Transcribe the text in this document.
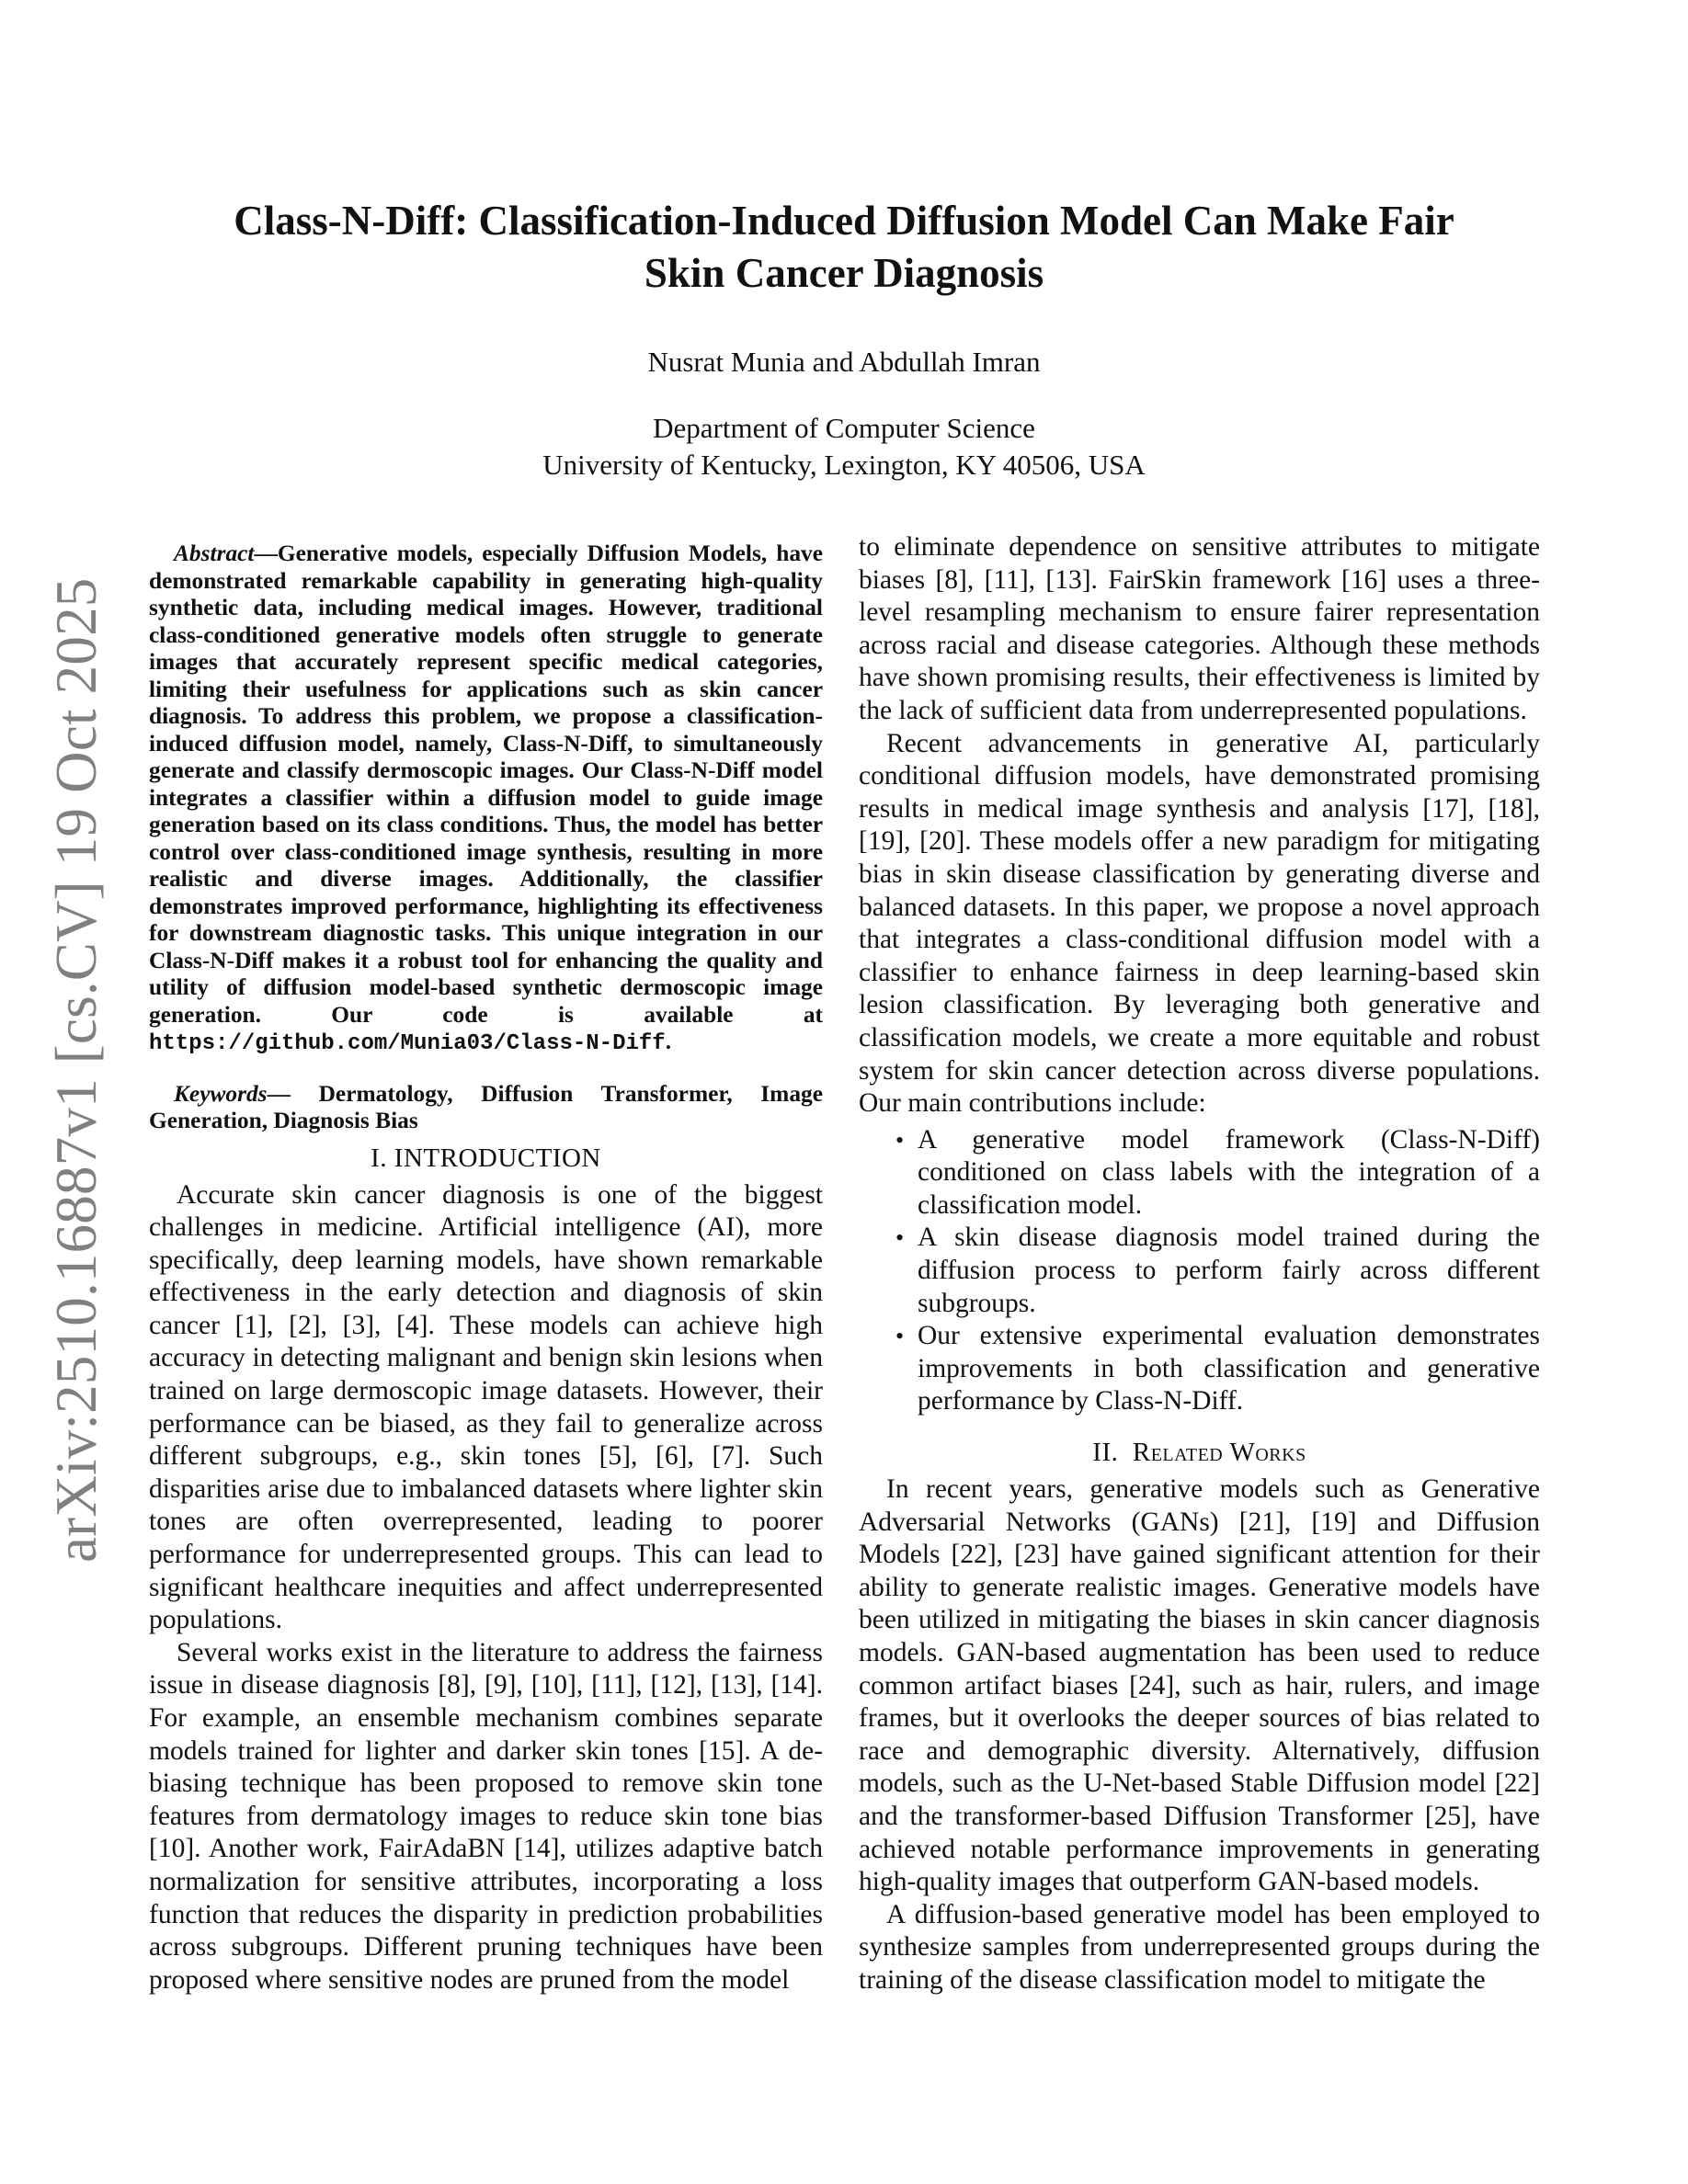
arXiv:2510.16887v1 [cs.CV] 19 Oct 2025
Class-N-Diff: Classification-Induced Diffusion Model Can Make Fair
Skin Cancer Diagnosis
Nusrat Munia and Abdullah Imran
Department of Computer Science
University of Kentucky, Lexington, KY 40506, USA

Abstract—Generative models, especially Diffusion Models, have demonstrated remarkable capability in generating high-quality synthetic data, including medical images. However, traditional class-conditioned generative models often struggle to generate images that accurately represent specific medical categories, limiting their usefulness for applications such as skin cancer diagnosis. To address this problem, we propose a classification-induced diffusion model, namely, Class-N-Diff, to simultaneously generate and classify dermoscopic images. Our Class-N-Diff model integrates a classifier within a diffusion model to guide image generation based on its class conditions. Thus, the model has better control over class-conditioned image synthesis, resulting in more realistic and diverse images. Additionally, the classifier demonstrates improved performance, highlighting its effectiveness for downstream diagnostic tasks. This unique integration in our Class-N-Diff makes it a robust tool for enhancing the quality and utility of diffusion model-based synthetic dermoscopic image generation. Our code is available at https://github.com/Munia03/Class-N-Diff.

Keywords— Dermatology, Diffusion Transformer, Image Generation, Diagnosis Bias

I. INTRODUCTION

Accurate skin cancer diagnosis is one of the biggest challenges in medicine. Artificial intelligence (AI), more specifically, deep learning models, have shown remarkable effectiveness in the early detection and diagnosis of skin cancer [1], [2], [3], [4]. These models can achieve high accuracy in detecting malignant and benign skin lesions when trained on large dermoscopic image datasets. However, their performance can be biased, as they fail to generalize across different subgroups, e.g., skin tones [5], [6], [7]. Such disparities arise due to imbalanced datasets where lighter skin tones are often overrepresented, leading to poorer performance for underrepresented groups. This can lead to significant healthcare inequities and affect underrepresented populations.

Several works exist in the literature to address the fairness issue in disease diagnosis [8], [9], [10], [11], [12], [13], [14]. For example, an ensemble mechanism combines separate models trained for lighter and darker skin tones [15]. A de-biasing technique has been proposed to remove skin tone features from dermatology images to reduce skin tone bias [10]. Another work, FairAdaBN [14], utilizes adaptive batch normalization for sensitive attributes, incorporating a loss function that reduces the disparity in prediction probabilities across subgroups. Different pruning techniques have been proposed where sensitive nodes are pruned from the model

to eliminate dependence on sensitive attributes to mitigate biases [8], [11], [13]. FairSkin framework [16] uses a three-level resampling mechanism to ensure fairer representation across racial and disease categories. Although these methods have shown promising results, their effectiveness is limited by the lack of sufficient data from underrepresented populations.

Recent advancements in generative AI, particularly conditional diffusion models, have demonstrated promising results in medical image synthesis and analysis [17], [18], [19], [20]. These models offer a new paradigm for mitigating bias in skin disease classification by generating diverse and balanced datasets. In this paper, we propose a novel approach that integrates a class-conditional diffusion model with a classifier to enhance fairness in deep learning-based skin lesion classification. By leveraging both generative and classification models, we create a more equitable and robust system for skin cancer detection across diverse populations. Our main contributions include:

• A generative model framework (Class-N-Diff) conditioned on class labels with the integration of a classification model.
• A skin disease diagnosis model trained during the diffusion process to perform fairly across different subgroups.
• Our extensive experimental evaluation demonstrates improvements in both classification and generative performance by Class-N-Diff.
II. Related Works

In recent years, generative models such as Generative Adversarial Networks (GANs) [21], [19] and Diffusion Models [22], [23] have gained significant attention for their ability to generate realistic images. Generative models have been utilized in mitigating the biases in skin cancer diagnosis models. GAN-based augmentation has been used to reduce common artifact biases [24], such as hair, rulers, and image frames, but it overlooks the deeper sources of bias related to race and demographic diversity. Alternatively, diffusion models, such as the U-Net-based Stable Diffusion model [22] and the transformer-based Diffusion Transformer [25], have achieved notable performance improvements in generating high-quality images that outperform GAN-based models.

A diffusion-based generative model has been employed to synthesize samples from underrepresented groups during the training of the disease classification model to mitigate the
